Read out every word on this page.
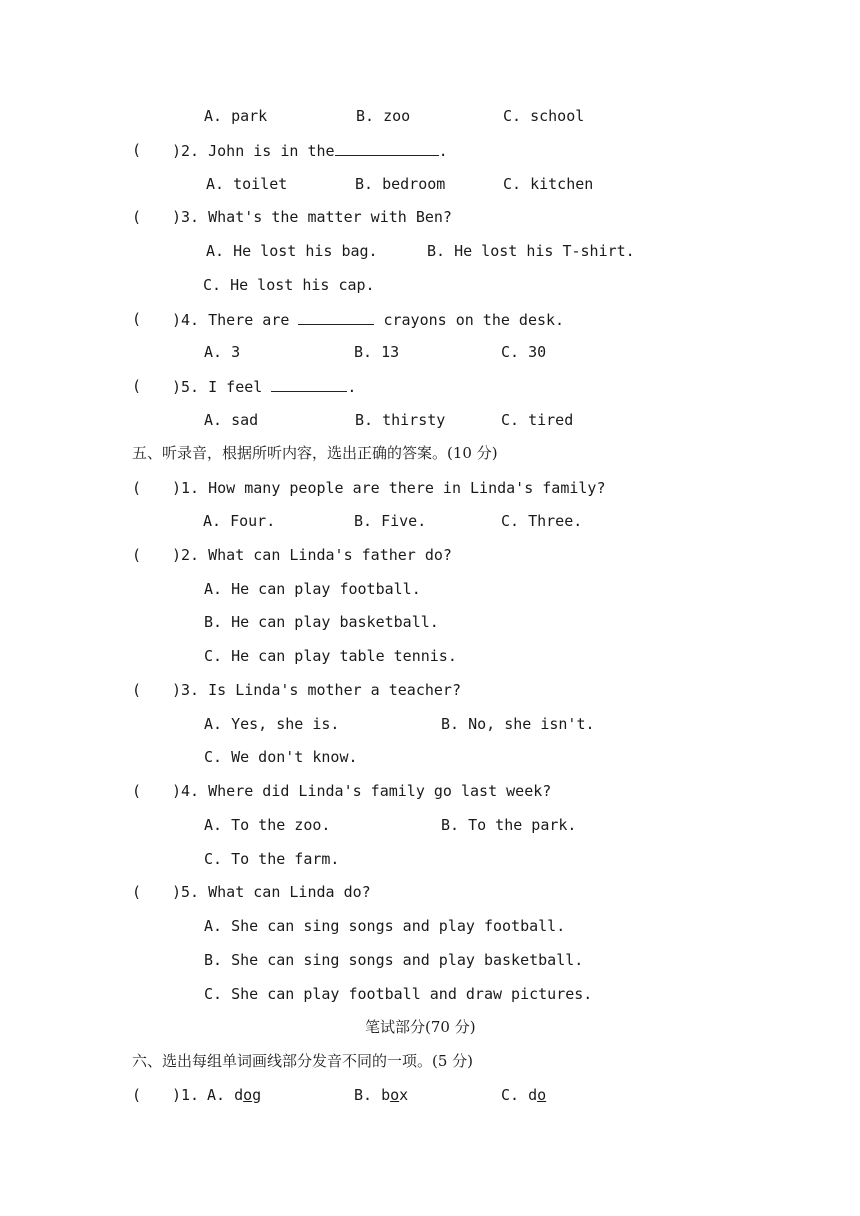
A. park	B. zoo	C. school
( )2. John is in the	.
A. toilet	B. bedroom	C. kitchen
( )3. What's the matter with Ben?
A. He lost his bag.	B. He lost his T-shirt.
C. He lost his cap.
( )4. There are	crayons on the desk.
A. 3	B. 13	C. 30
( )5. I feel	.
A. sad	B. thirsty	C. tired
五、听录音，根据所听内容，选出正确的答案。(10 分)
( )1. How many people are there in Linda's family?
A. Four.	B. Five.	C. Three.
( )2. What can Linda's father do?
A. He can play football.
B. He can play basketball.
C. He can play table tennis.
( )3. Is Linda's mother a teacher?
A. Yes, she is.	B. No, she isn't.
C. We don't know.
( )4. Where did Linda's family go last week?
A. To the zoo.	B. To the park.
C. To the farm.
( )5. What can Linda do?
A. She can sing songs and play football.
B. She can sing songs and play basketball.
C. She can play football and draw pictures.
笔试部分(70 分)
六、选出每组单词画线部分发音不同的一项。(5 分)
( )1. A. dog	B. box	C. do
